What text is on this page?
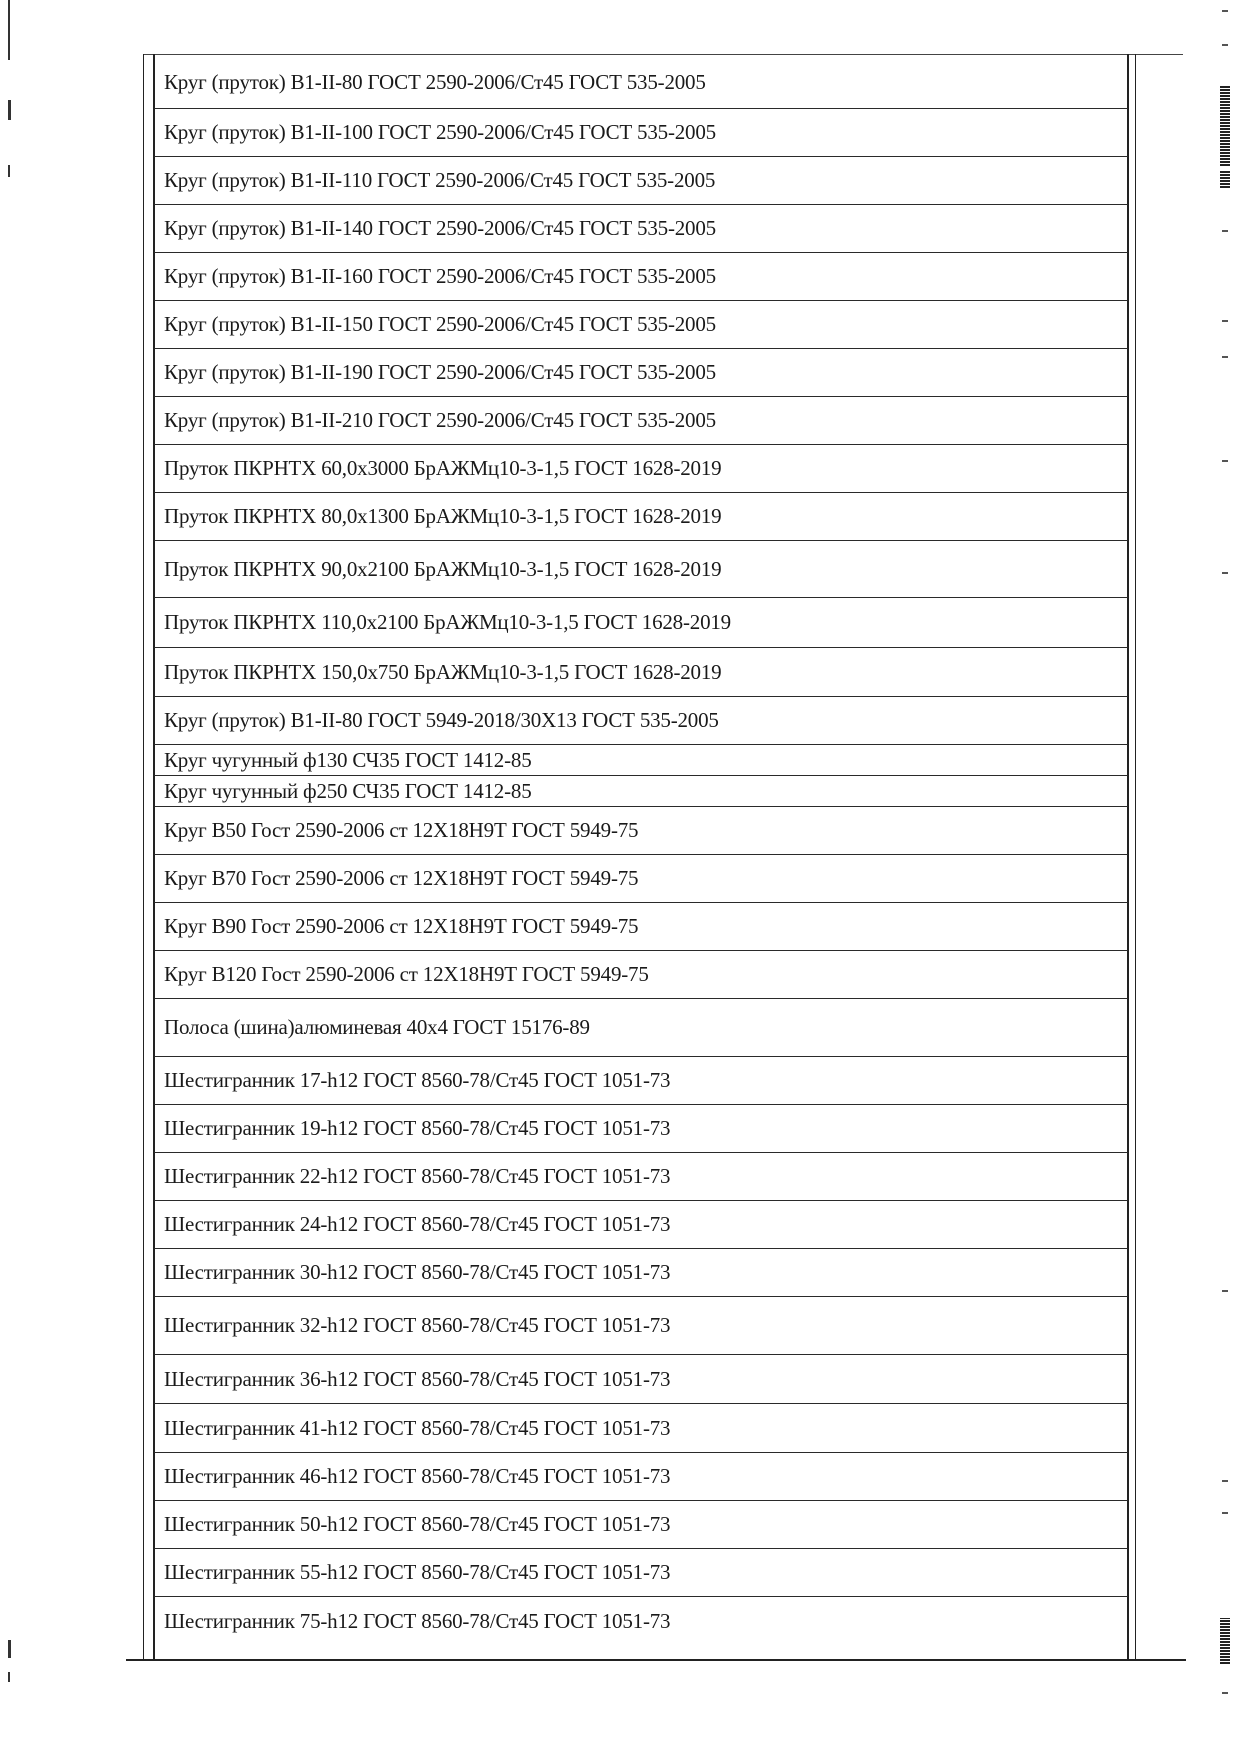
Круг (пруток) В1-II-80 ГОСТ 2590-2006/Ст45 ГОСТ 535-2005
Круг (пруток) В1-II-100 ГОСТ 2590-2006/Ст45 ГОСТ 535-2005
Круг (пруток) В1-II-110 ГОСТ 2590-2006/Ст45 ГОСТ 535-2005
Круг (пруток) В1-II-140 ГОСТ 2590-2006/Ст45 ГОСТ 535-2005
Круг (пруток) В1-II-160 ГОСТ 2590-2006/Ст45 ГОСТ 535-2005
Круг (пруток) В1-II-150 ГОСТ 2590-2006/Ст45 ГОСТ 535-2005
Круг (пруток) В1-II-190 ГОСТ 2590-2006/Ст45 ГОСТ 535-2005
Круг (пруток) В1-II-210 ГОСТ 2590-2006/Ст45 ГОСТ 535-2005
Пруток ПКРНТХ 60,0х3000 БрАЖМц10-3-1,5 ГОСТ 1628-2019
Пруток ПКРНТХ 80,0х1300 БрАЖМц10-3-1,5 ГОСТ 1628-2019
Пруток ПКРНТХ 90,0х2100 БрАЖМц10-3-1,5 ГОСТ 1628-2019
Пруток ПКРНТХ 110,0х2100 БрАЖМц10-3-1,5 ГОСТ 1628-2019
Пруток ПКРНТХ 150,0х750 БрАЖМц10-3-1,5 ГОСТ 1628-2019
Круг (пруток) В1-II-80 ГОСТ 5949-2018/30Х13 ГОСТ 535-2005
Круг чугунный ф130 СЧ35 ГОСТ 1412-85
Круг чугунный ф250 СЧ35 ГОСТ 1412-85
Круг В50 Гост 2590-2006 ст 12Х18Н9Т ГОСТ 5949-75
Круг В70 Гост 2590-2006 ст 12Х18Н9Т ГОСТ 5949-75
Круг В90 Гост 2590-2006 ст 12Х18Н9Т ГОСТ 5949-75
Круг В120 Гост 2590-2006 ст 12Х18Н9Т ГОСТ 5949-75
Полоса (шина)алюминевая 40х4 ГОСТ 15176-89
Шестигранник 17-h12 ГОСТ 8560-78/Ст45 ГОСТ 1051-73
Шестигранник 19-h12 ГОСТ 8560-78/Ст45 ГОСТ 1051-73
Шестигранник 22-h12 ГОСТ 8560-78/Ст45 ГОСТ 1051-73
Шестигранник 24-h12 ГОСТ 8560-78/Ст45 ГОСТ 1051-73
Шестигранник 30-h12 ГОСТ 8560-78/Ст45 ГОСТ 1051-73
Шестигранник 32-h12 ГОСТ 8560-78/Ст45 ГОСТ 1051-73
Шестигранник 36-h12 ГОСТ 8560-78/Ст45 ГОСТ 1051-73
Шестигранник 41-h12 ГОСТ 8560-78/Ст45 ГОСТ 1051-73
Шестигранник 46-h12 ГОСТ 8560-78/Ст45 ГОСТ 1051-73
Шестигранник 50-h12 ГОСТ 8560-78/Ст45 ГОСТ 1051-73
Шестигранник 55-h12 ГОСТ 8560-78/Ст45 ГОСТ 1051-73
Шестигранник 75-h12 ГОСТ 8560-78/Ст45 ГОСТ 1051-73
